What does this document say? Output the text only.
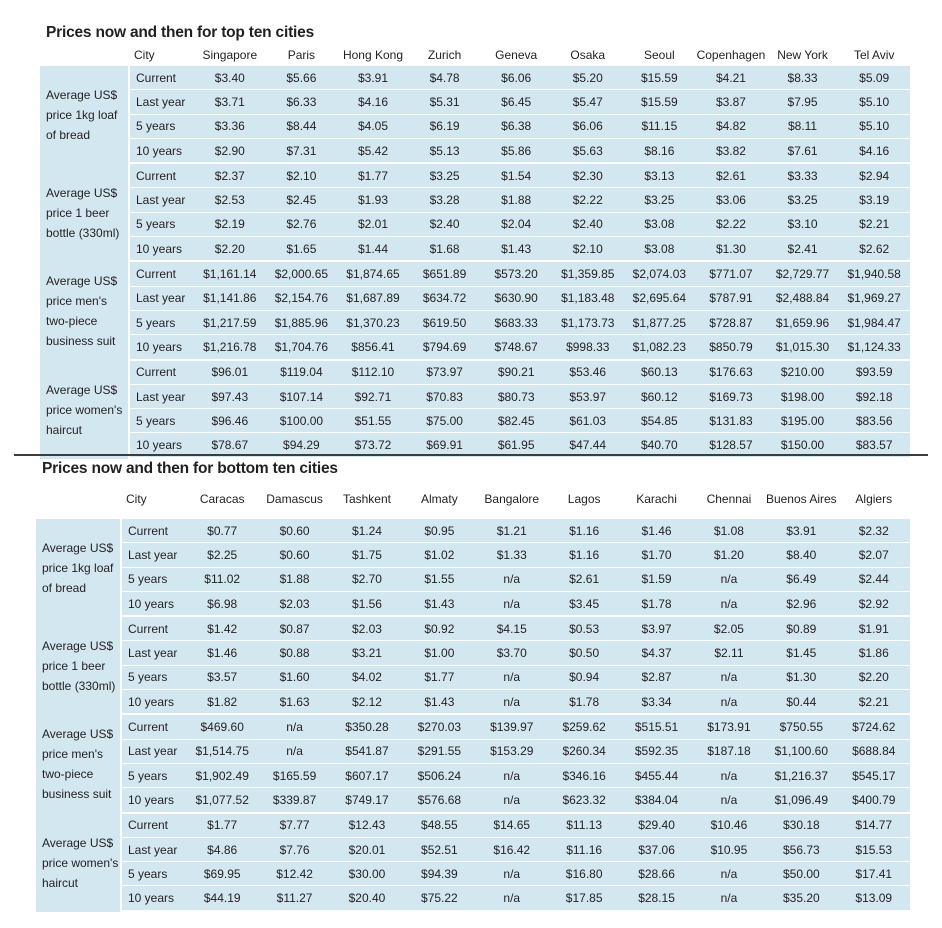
Prices now and then for top ten cities
	City	Singapore	Paris	Hong Kong	Zurich	Geneva	Osaka	Seoul	Copenhagen	New York	Tel Aviv
Average US$ price 1kg loaf of bread	Current	$3.40	$5.66	$3.91	$4.78	$6.06	$5.20	$15.59	$4.21	$8.33	$5.09
	Last year	$3.71	$6.33	$4.16	$5.31	$6.45	$5.47	$15.59	$3.87	$7.95	$5.10
	5 years	$3.36	$8.44	$4.05	$6.19	$6.38	$6.06	$11.15	$4.82	$8.11	$5.10
	10 years	$2.90	$7.31	$5.42	$5.13	$5.86	$5.63	$8.16	$3.82	$7.61	$4.16
Average US$ price 1 beer bottle (330ml)	Current	$2.37	$2.10	$1.77	$3.25	$1.54	$2.30	$3.13	$2.61	$3.33	$2.94
	Last year	$2.53	$2.45	$1.93	$3.28	$1.88	$2.22	$3.25	$3.06	$3.25	$3.19
	5 years	$2.19	$2.76	$2.01	$2.40	$2.04	$2.40	$3.08	$2.22	$3.10	$2.21
	10 years	$2.20	$1.65	$1.44	$1.68	$1.43	$2.10	$3.08	$1.30	$2.41	$2.62
Average US$ price men's two-piece business suit	Current	$1,161.14	$2,000.65	$1,874.65	$651.89	$573.20	$1,359.85	$2,074.03	$771.07	$2,729.77	$1,940.58
	Last year	$1,141.86	$2,154.76	$1,687.89	$634.72	$630.90	$1,183.48	$2,695.64	$787.91	$2,488.84	$1,969.27
	5 years	$1,217.59	$1,885.96	$1,370.23	$619.50	$683.33	$1,173.73	$1,877.25	$728.87	$1,659.96	$1,984.47
	10 years	$1,216.78	$1,704.76	$856.41	$794.69	$748.67	$998.33	$1,082.23	$850.79	$1,015.30	$1,124.33
Average US$ price women's haircut	Current	$96.01	$119.04	$112.10	$73.97	$90.21	$53.46	$60.13	$176.63	$210.00	$93.59
	Last year	$97.43	$107.14	$92.71	$70.83	$80.73	$53.97	$60.12	$169.73	$198.00	$92.18
	5 years	$96.46	$100.00	$51.55	$75.00	$82.45	$61.03	$54.85	$131.83	$195.00	$83.56
	10 years	$78.67	$94.29	$73.72	$69.91	$61.95	$47.44	$40.70	$128.57	$150.00	$83.57
Prices now and then for bottom ten cities
	City	Caracas	Damascus	Tashkent	Almaty	Bangalore	Lagos	Karachi	Chennai	Buenos Aires	Algiers
Average US$ price 1kg loaf of bread	Current	$0.77	$0.60	$1.24	$0.95	$1.21	$1.16	$1.46	$1.08	$3.91	$2.32
	Last year	$2.25	$0.60	$1.75	$1.02	$1.33	$1.16	$1.70	$1.20	$8.40	$2.07
	5 years	$11.02	$1.88	$2.70	$1.55	n/a	$2.61	$1.59	n/a	$6.49	$2.44
	10 years	$6.98	$2.03	$1.56	$1.43	n/a	$3.45	$1.78	n/a	$2.96	$2.92
Average US$ price 1 beer bottle (330ml)	Current	$1.42	$0.87	$2.03	$0.92	$4.15	$0.53	$3.97	$2.05	$0.89	$1.91
	Last year	$1.46	$0.88	$3.21	$1.00	$3.70	$0.50	$4.37	$2.11	$1.45	$1.86
	5 years	$3.57	$1.60	$4.02	$1.77	n/a	$0.94	$2.87	n/a	$1.30	$2.20
	10 years	$1.82	$1.63	$2.12	$1.43	n/a	$1.78	$3.34	n/a	$0.44	$2.21
Average US$ price men's two-piece business suit	Current	$469.60	n/a	$350.28	$270.03	$139.97	$259.62	$515.51	$173.91	$750.55	$724.62
	Last year	$1,514.75	n/a	$541.87	$291.55	$153.29	$260.34	$592.35	$187.18	$1,100.60	$688.84
	5 years	$1,902.49	$165.59	$607.17	$506.24	n/a	$346.16	$455.44	n/a	$1,216.37	$545.17
	10 years	$1,077.52	$339.87	$749.17	$576.68	n/a	$623.32	$384.04	n/a	$1,096.49	$400.79
Average US$ price women's haircut	Current	$1.77	$7.77	$12.43	$48.55	$14.65	$11.13	$29.40	$10.46	$30.18	$14.77
	Last year	$4.86	$7.76	$20.01	$52.51	$16.42	$11.16	$37.06	$10.95	$56.73	$15.53
	5 years	$69.95	$12.42	$30.00	$94.39	n/a	$16.80	$28.66	n/a	$50.00	$17.41
	10 years	$44.19	$11.27	$20.40	$75.22	n/a	$17.85	$28.15	n/a	$35.20	$13.09
